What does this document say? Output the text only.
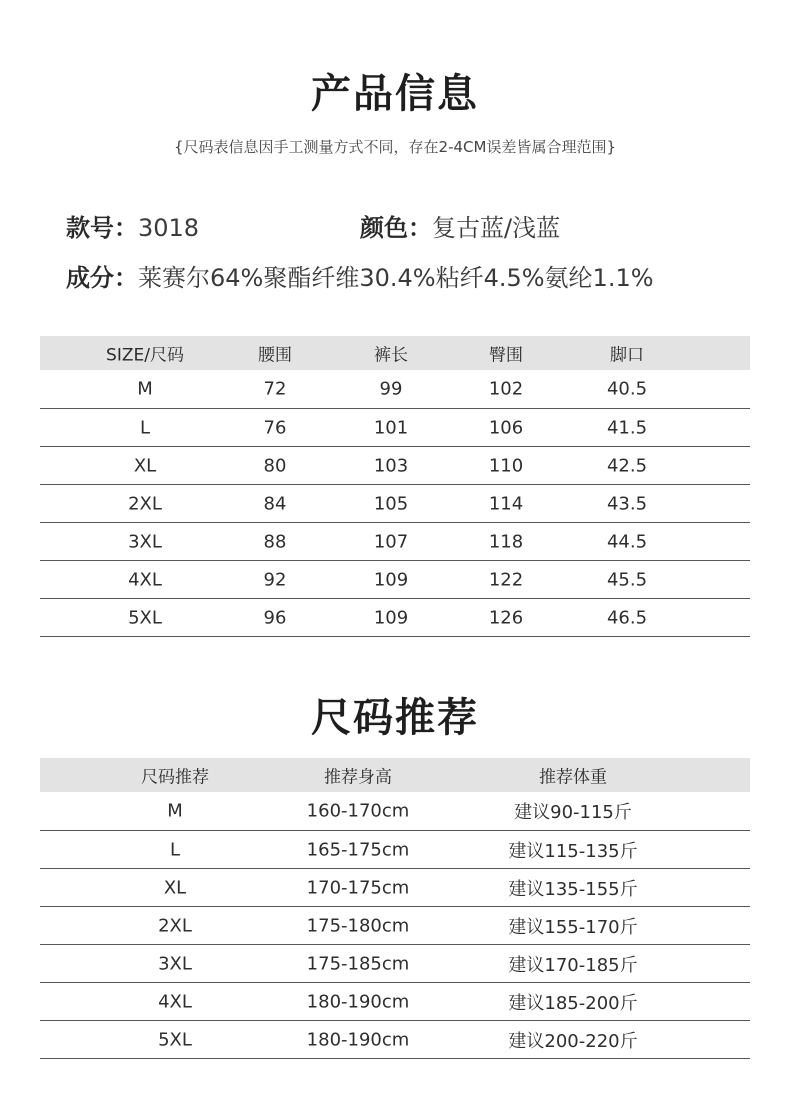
产品信息
{尺码表信息因手工测量方式不同，存在2-4CM误差皆属合理范围}
款号：3018	颜色：复古蓝/浅蓝
成分：莱赛尔64%聚酯纤维30.4%粘纤4.5%氨纶1.1%
SIZE/尺码	腰围	裤长	臀围	脚口
M	72	99	102	40.5
L	76	101	106	41.5
XL	80	103	110	42.5
2XL	84	105	114	43.5
3XL	88	107	118	44.5
4XL	92	109	122	45.5
5XL	96	109	126	46.5
尺码推荐
尺码推荐	推荐身高	推荐体重
M	160-170cm	建议90-115斤
L	165-175cm	建议115-135斤
XL	170-175cm	建议135-155斤
2XL	175-180cm	建议155-170斤
3XL	175-185cm	建议170-185斤
4XL	180-190cm	建议185-200斤
5XL	180-190cm	建议200-220斤
